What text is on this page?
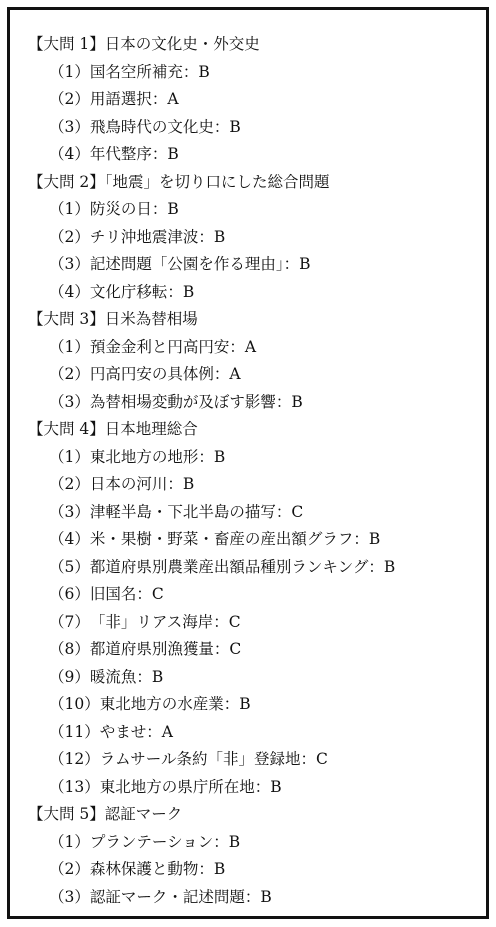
【大問 1】日本の文化史・外交史
（1）国名空所補充：B
（2）用語選択：A
（3）飛鳥時代の文化史：B
（4）年代整序：B
【大問 2】「地震」を切り口にした総合問題
（1）防災の日：B
（2）チリ沖地震津波：B
（3）記述問題「公園を作る理由」：B
（4）文化庁移転：B
【大問 3】日米為替相場
（1）預金金利と円高円安：A
（2）円高円安の具体例：A
（3）為替相場変動が及ぼす影響：B
【大問 4】日本地理総合
（1）東北地方の地形：B
（2）日本の河川：B
（3）津軽半島・下北半島の描写：C
（4）米・果樹・野菜・畜産の産出額グラフ：B
（5）都道府県別農業産出額品種別ランキング：B
（6）旧国名：C
（7）「非」リアス海岸：C
（8）都道府県別漁獲量：C
（9）暖流魚：B
（10）東北地方の水産業：B
（11）やませ：A
（12）ラムサール条約「非」登録地：C
（13）東北地方の県庁所在地：B
【大問 5】認証マーク
（1）プランテーション：B
（2）森林保護と動物：B
（3）認証マーク・記述問題：B
